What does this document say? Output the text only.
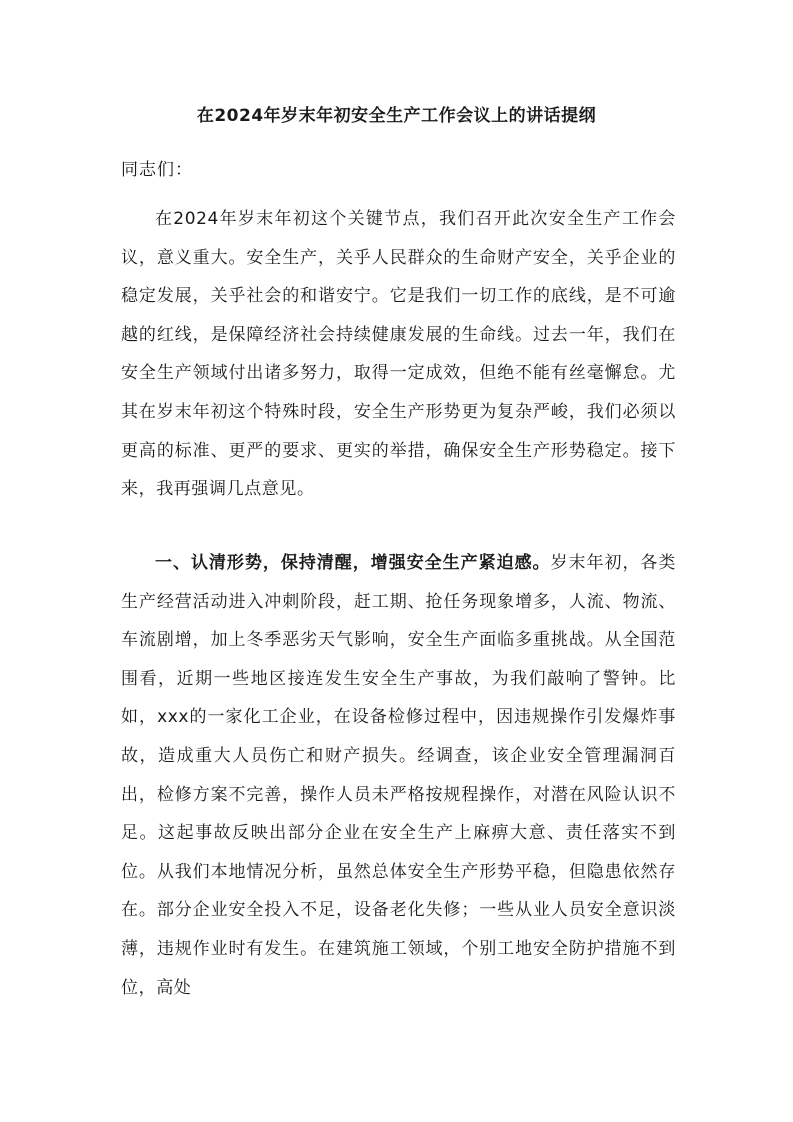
在2024年岁末年初安全生产工作会议上的讲话提纲
同志们：

在2024年岁末年初这个关键节点，我们召开此次安全生产工作会议，意义重大。安全生产，关乎人民群众的生命财产安全，关乎企业的稳定发展，关乎社会的和谐安宁。它是我们一切工作的底线，是不可逾越的红线，是保障经济社会持续健康发展的生命线。过去一年，我们在安全生产领域付出诸多努力，取得一定成效，但绝不能有丝毫懈怠。尤其在岁末年初这个特殊时段，安全生产形势更为复杂严峻，我们必须以更高的标准、更严的要求、更实的举措，确保安全生产形势稳定。接下来，我再强调几点意见。

一、认清形势，保持清醒，增强安全生产紧迫感。岁末年初，各类生产经营活动进入冲刺阶段，赶工期、抢任务现象增多，人流、物流、车流剧增，加上冬季恶劣天气影响，安全生产面临多重挑战。从全国范围看，近期一些地区接连发生安全生产事故，为我们敲响了警钟。比如，xxx的一家化工企业，在设备检修过程中，因违规操作引发爆炸事故，造成重大人员伤亡和财产损失。经调查，该企业安全管理漏洞百出，检修方案不完善，操作人员未严格按规程操作，对潜在风险认识不足。这起事故反映出部分企业在安全生产上麻痹大意、责任落实不到位。从我们本地情况分析，虽然总体安全生产形势平稳，但隐患依然存在。部分企业安全投入不足，设备老化失修；一些从业人员安全意识淡薄，违规作业时有发生。在建筑施工领域，个别工地安全防护措施不到位，高处
